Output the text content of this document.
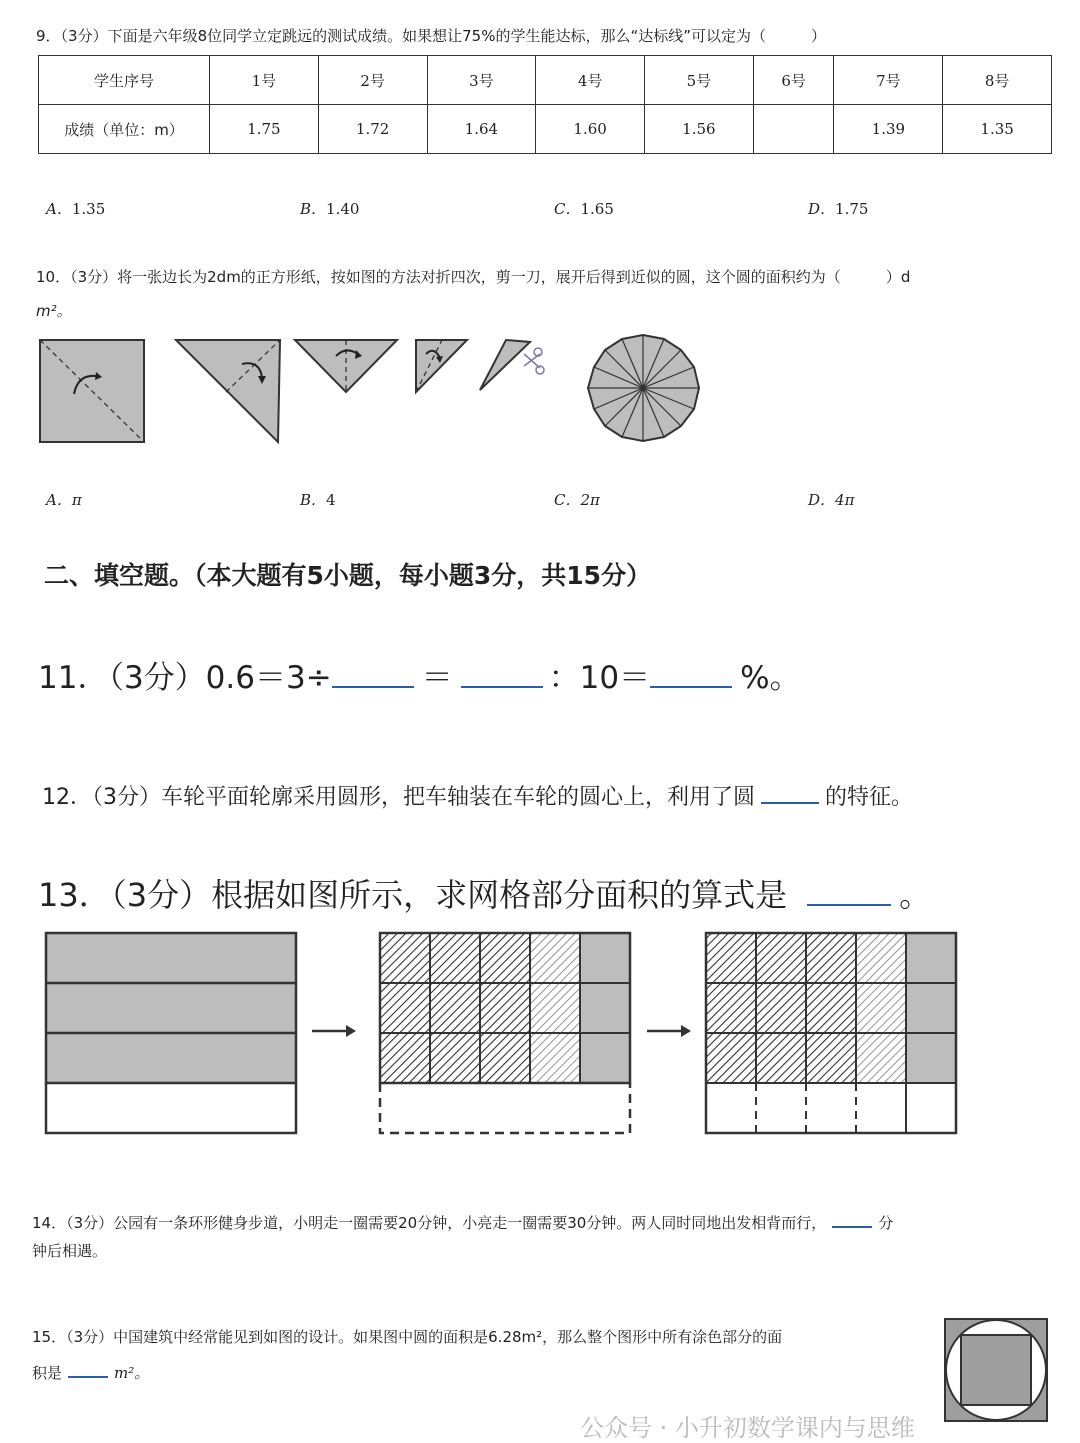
9．（3分）下面是六年级8位同学立定跳远的测试成绩。如果想让75%的学生能达标，那么“达标线”可以定为（　　　）
学生序号	1号	2号	3号	4号	5号	6号	7号	8号
成绩（单位：m）	1.75	1.72	1.64	1.60	1.56		1.39	1.35
A．1.35	B．1.40	C．1.65	D．1.75
10．（3分）将一张边长为2dm的正方形纸，按如图的方法对折四次，剪一刀，展开后得到近似的圆，这个圆的面积约为（　　　）d
m²。
A．π	B．4	C．2π	D．4π
二、填空题。（本大题有5小题，每小题3分，共15分）
11．（3分）0.6＝3÷	＝	：10＝	%。
12．（3分）车轮平面轮廓采用圆形，把车轴装在车轮的圆心上，利用了圆	的特征。
13．（3分）根据如图所示，求网格部分面积的算式是	。
14．（3分）公园有一条环形健身步道，小明走一圈需要20分钟，小亮走一圈需要30分钟。两人同时同地出发相背而行，	分
钟后相遇。
15．（3分）中国建筑中经常能见到如图的设计。如果图中圆的面积是6.28m²，那么整个图形中所有涂色部分的面
积是	m²。
公众号 · 小升初数学课内与思维
